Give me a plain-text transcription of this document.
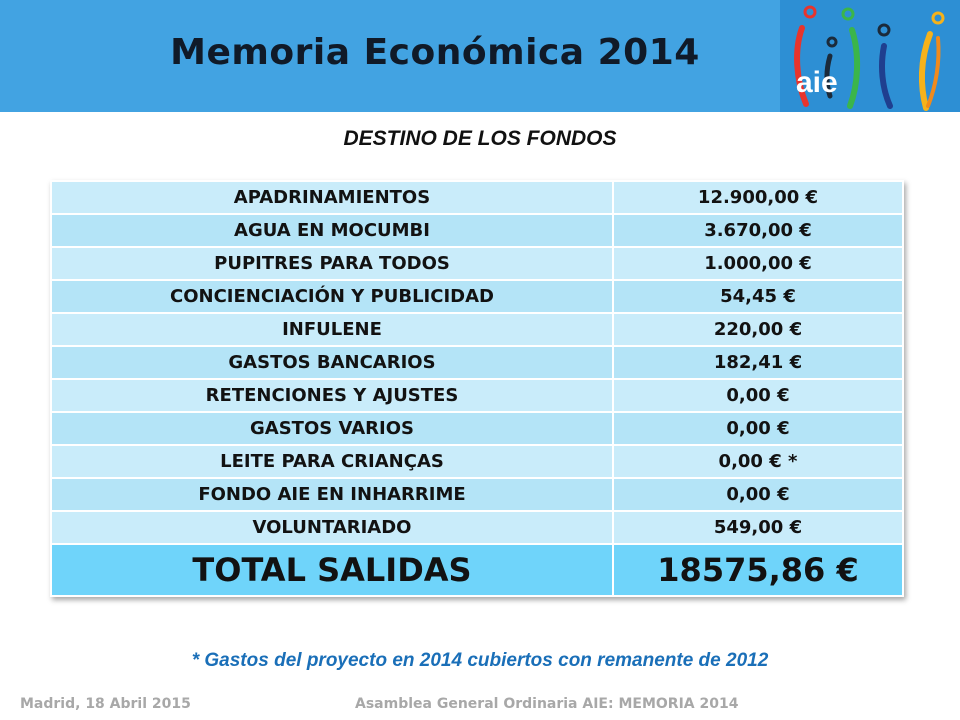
Memoria Económica 2014
aie
DESTINO DE LOS FONDOS
APADRINAMIENTOS	12.900,00 €
AGUA EN MOCUMBI	3.670,00 €
PUPITRES PARA TODOS	1.000,00 €
CONCIENCIACIÓN Y PUBLICIDAD	54,45 €
INFULENE	220,00 €
GASTOS BANCARIOS	182,41 €
RETENCIONES Y AJUSTES	0,00 €
GASTOS VARIOS	0,00 €
LEITE PARA CRIANÇAS	0,00 € *
FONDO AIE EN INHARRIME	0,00 €
VOLUNTARIADO	549,00 €
TOTAL SALIDAS	18575,86 €
* Gastos del proyecto en 2014 cubiertos con remanente de 2012
Madrid, 18 Abril 2015	Asamblea General Ordinaria AIE: MEMORIA 2014
